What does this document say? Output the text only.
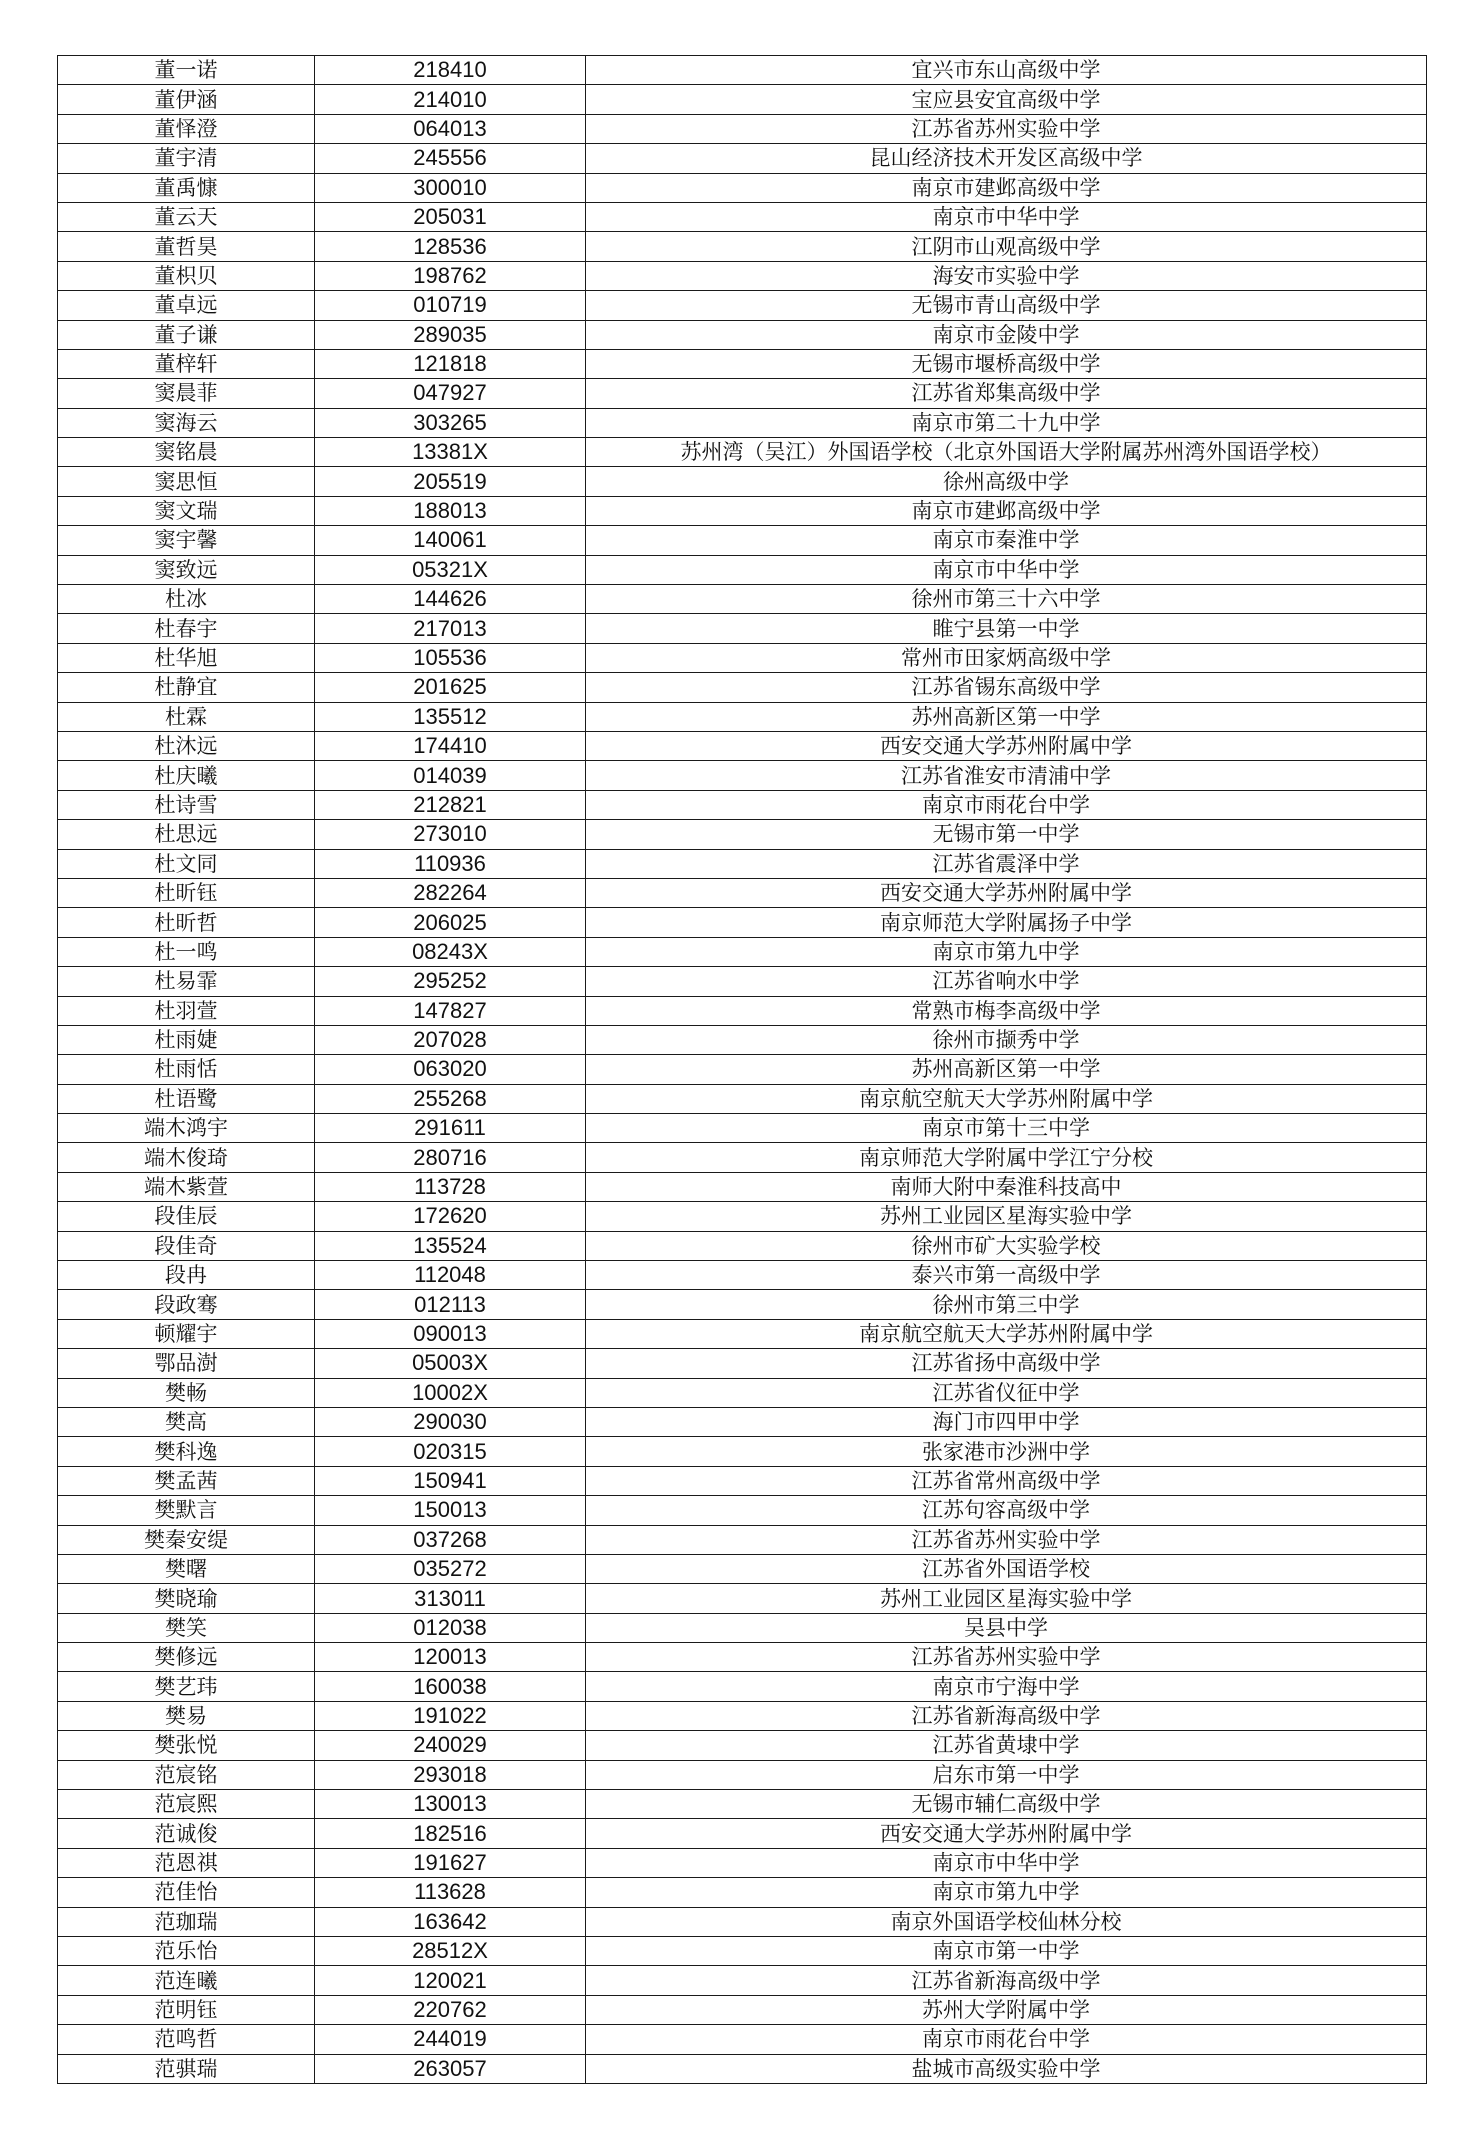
董一诺	218410	宜兴市东山高级中学
董伊涵	214010	宝应县安宜高级中学
董怿澄	064013	江苏省苏州实验中学
董宇清	245556	昆山经济技术开发区高级中学
董禹慷	300010	南京市建邺高级中学
董云天	205031	南京市中华中学
董哲昊	128536	江阴市山观高级中学
董枳贝	198762	海安市实验中学
董卓远	010719	无锡市青山高级中学
董子谦	289035	南京市金陵中学
董梓轩	121818	无锡市堰桥高级中学
窦晨菲	047927	江苏省郑集高级中学
窦海云	303265	南京市第二十九中学
窦铭晨	13381X	苏州湾（吴江）外国语学校（北京外国语大学附属苏州湾外国语学校）
窦思恒	205519	徐州高级中学
窦文瑞	188013	南京市建邺高级中学
窦宇馨	140061	南京市秦淮中学
窦致远	05321X	南京市中华中学
杜冰	144626	徐州市第三十六中学
杜春宇	217013	睢宁县第一中学
杜华旭	105536	常州市田家炳高级中学
杜静宜	201625	江苏省锡东高级中学
杜霖	135512	苏州高新区第一中学
杜沐远	174410	西安交通大学苏州附属中学
杜庆曦	014039	江苏省淮安市清浦中学
杜诗雪	212821	南京市雨花台中学
杜思远	273010	无锡市第一中学
杜文同	110936	江苏省震泽中学
杜昕钰	282264	西安交通大学苏州附属中学
杜昕哲	206025	南京师范大学附属扬子中学
杜一鸣	08243X	南京市第九中学
杜易霏	295252	江苏省响水中学
杜羽萱	147827	常熟市梅李高级中学
杜雨婕	207028	徐州市撷秀中学
杜雨恬	063020	苏州高新区第一中学
杜语鹭	255268	南京航空航天大学苏州附属中学
端木鸿宇	291611	南京市第十三中学
端木俊琦	280716	南京师范大学附属中学江宁分校
端木紫萱	113728	南师大附中秦淮科技高中
段佳辰	172620	苏州工业园区星海实验中学
段佳奇	135524	徐州市矿大实验学校
段冉	112048	泰兴市第一高级中学
段政骞	012113	徐州市第三中学
顿耀宇	090013	南京航空航天大学苏州附属中学
鄂品澍	05003X	江苏省扬中高级中学
樊畅	10002X	江苏省仪征中学
樊高	290030	海门市四甲中学
樊科逸	020315	张家港市沙洲中学
樊孟茜	150941	江苏省常州高级中学
樊默言	150013	江苏句容高级中学
樊秦安缇	037268	江苏省苏州实验中学
樊曙	035272	江苏省外国语学校
樊晓瑜	313011	苏州工业园区星海实验中学
樊笑	012038	吴县中学
樊修远	120013	江苏省苏州实验中学
樊艺玮	160038	南京市宁海中学
樊易	191022	江苏省新海高级中学
樊张悦	240029	江苏省黄埭中学
范宸铭	293018	启东市第一中学
范宸熙	130013	无锡市辅仁高级中学
范诚俊	182516	西安交通大学苏州附属中学
范恩祺	191627	南京市中华中学
范佳怡	113628	南京市第九中学
范珈瑞	163642	南京外国语学校仙林分校
范乐怡	28512X	南京市第一中学
范连曦	120021	江苏省新海高级中学
范明钰	220762	苏州大学附属中学
范鸣哲	244019	南京市雨花台中学
范骐瑞	263057	盐城市高级实验中学
